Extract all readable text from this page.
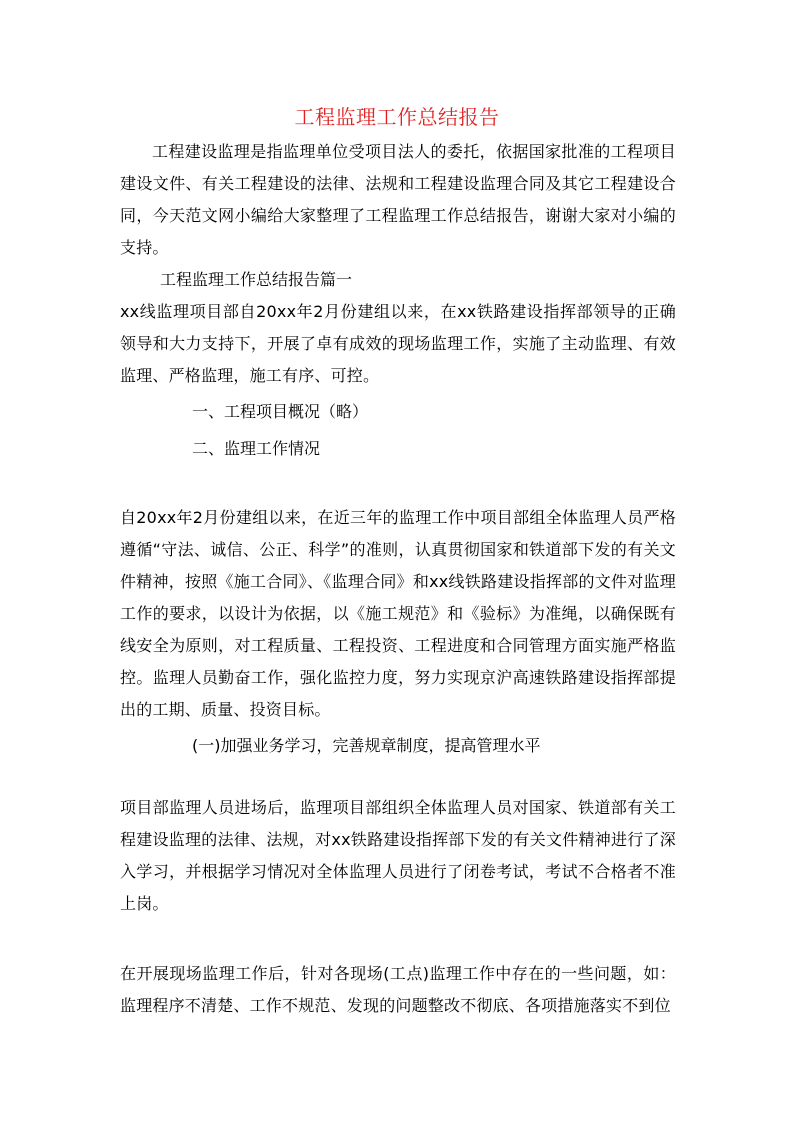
工程监理工作总结报告

工程建设监理是指监理单位受项目法人的委托，依据国家批准的工程项目建设文件、有关工程建设的法律、法规和工程建设监理合同及其它工程建设合同，今天范文网小编给大家整理了工程监理工作总结报告，谢谢大家对小编的支持。

工程监理工作总结报告篇一

xx线监理项目部自20xx年2月份建组以来，在xx铁路建设指挥部领导的正确领导和大力支持下，开展了卓有成效的现场监理工作，实施了主动监理、有效监理、严格监理，施工有序、可控。

一、工程项目概况（略）

二、监理工作情况

自20xx年2月份建组以来，在近三年的监理工作中项目部组全体监理人员严格遵循“守法、诚信、公正、科学”的准则，认真贯彻国家和铁道部下发的有关文件精神，按照《施工合同》、《监理合同》和xx线铁路建设指挥部的文件对监理工作的要求，以设计为依据，以《施工规范》和《验标》为准绳，以确保既有线安全为原则，对工程质量、工程投资、工程进度和合同管理方面实施严格监控。监理人员勤奋工作，强化监控力度，努力实现京沪高速铁路建设指挥部提出的工期、质量、投资目标。

(一)加强业务学习，完善规章制度，提高管理水平

项目部监理人员进场后，监理项目部组织全体监理人员对国家、铁道部有关工程建设监理的法律、法规，对xx铁路建设指挥部下发的有关文件精神进行了深入学习，并根据学习情况对全体监理人员进行了闭卷考试，考试不合格者不准上岗。

在开展现场监理工作后，针对各现场(工点)监理工作中存在的一些问题，如：监理程序不清楚、工作不规范、发现的问题整改不彻底、各项措施落实不到位
